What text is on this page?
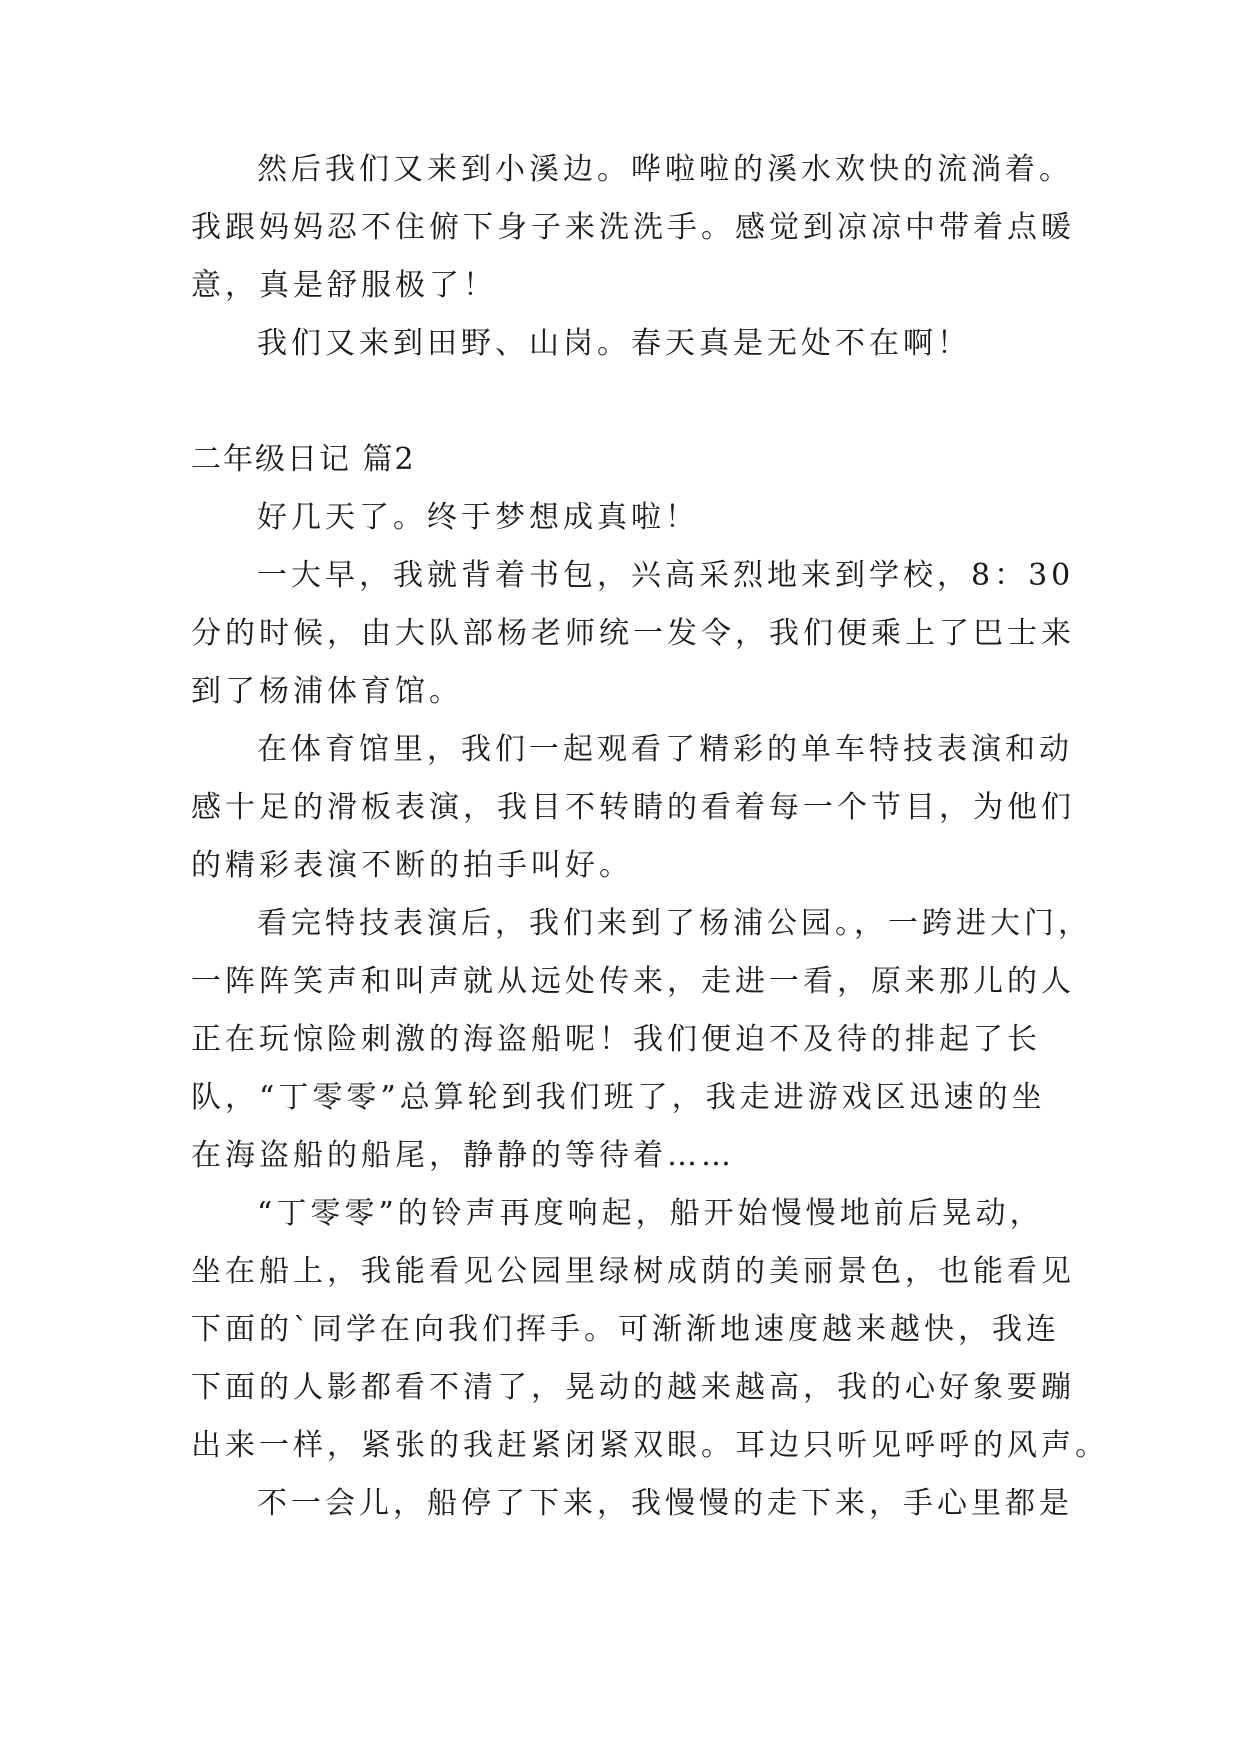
然后我们又来到小溪边。哗啦啦的溪水欢快的流淌着。
我跟妈妈忍不住俯下身子来洗洗手。感觉到凉凉中带着点暖
意，真是舒服极了！
我们又来到田野、山岗。春天真是无处不在啊！
二年级日记 篇2
好几天了。终于梦想成真啦！
一大早，我就背着书包，兴高采烈地来到学校，8：30
分的时候，由大队部杨老师统一发令，我们便乘上了巴士来
到了杨浦体育馆。
在体育馆里，我们一起观看了精彩的单车特技表演和动
感十足的滑板表演，我目不转睛的看着每一个节目，为他们
的精彩表演不断的拍手叫好。
看完特技表演后，我们来到了杨浦公园。，一跨进大门，
一阵阵笑声和叫声就从远处传来，走进一看，原来那儿的人
正在玩惊险刺激的海盗船呢！我们便迫不及待的排起了长
队，“丁零零”总算轮到我们班了，我走进游戏区迅速的坐
在海盗船的船尾，静静的等待着……
“丁零零”的铃声再度响起，船开始慢慢地前后晃动，
坐在船上，我能看见公园里绿树成荫的美丽景色，也能看见
下面的`同学在向我们挥手。可渐渐地速度越来越快，我连
下面的人影都看不清了，晃动的越来越高，我的心好象要蹦
出来一样，紧张的我赶紧闭紧双眼。耳边只听见呼呼的风声。
不一会儿，船停了下来，我慢慢的走下来，手心里都是
